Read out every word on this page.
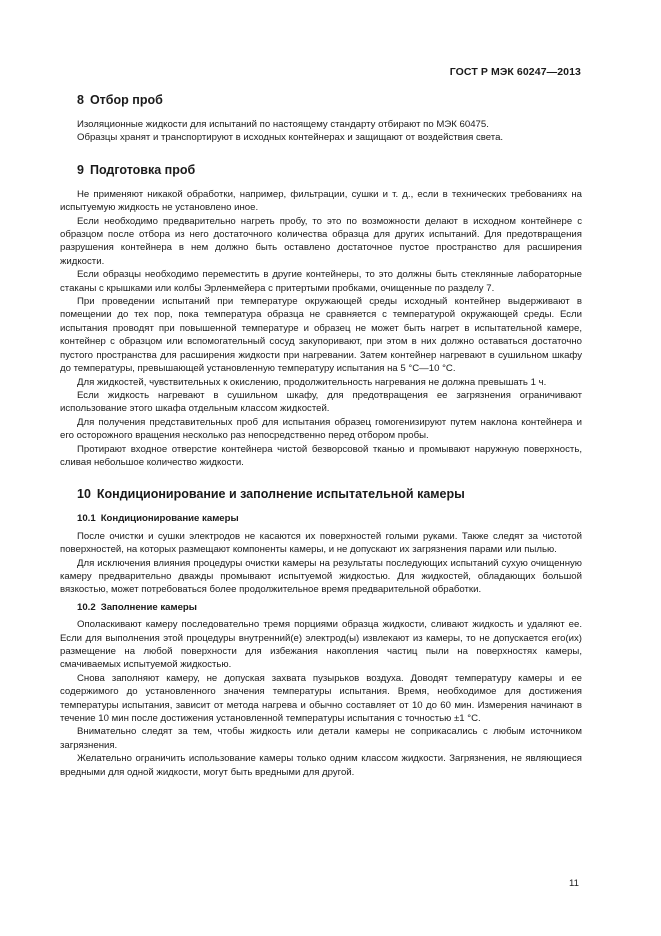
ГОСТ Р МЭК 60247—2013
8 Отбор проб

Изоляционные жидкости для испытаний по настоящему стандарту отбирают по МЭК 60475.

Образцы хранят и транспортируют в исходных контейнерах и защищают от воздействия света.

9 Подготовка проб

Не применяют никакой обработки, например, фильтрации, сушки и т. д., если в технических требованиях на испытуемую жидкость не установлено иное.

Если необходимо предварительно нагреть пробу, то это по возможности делают в исходном контейнере с образцом после отбора из него достаточного количества образца для других испытаний. Для предотвращения разрушения контейнера в нем должно быть оставлено достаточное пустое пространство для расширения жидкости.

Если образцы необходимо переместить в другие контейнеры, то это должны быть стеклянные лабораторные стаканы с крышками или колбы Эрленмейера с притертыми пробками, очищенные по разделу 7.

При проведении испытаний при температуре окружающей среды исходный контейнер выдерживают в помещении до тех пор, пока температура образца не сравняется с температурой окружающей среды. Если испытания проводят при повышенной температуре и образец не может быть нагрет в испытательной камере, контейнер с образцом или вспомогательный сосуд закупоривают, при этом в них должно оставаться достаточно пустого пространства для расширения жидкости при нагревании. Затем контейнер нагревают в сушильном шкафу до температуры, превышающей установленную температуру испытания на 5 °С—10 °С.

Для жидкостей, чувствительных к окислению, продолжительность нагревания не должна превышать 1 ч.

Если жидкость нагревают в сушильном шкафу, для предотвращения ее загрязнения ограничивают использование этого шкафа отдельным классом жидкостей.

Для получения представительных проб для испытания образец гомогенизируют путем наклона контейнера и его осторожного вращения несколько раз непосредственно перед отбором пробы.

Протирают входное отверстие контейнера чистой безворсовой тканью и промывают наружную поверхность, сливая небольшое количество жидкости.

10 Кондиционирование и заполнение испытательной камеры
10.1 Кондиционирование камеры

После очистки и сушки электродов не касаются их поверхностей голыми руками. Также следят за чистотой поверхностей, на которых размещают компоненты камеры, и не допускают их загрязнения парами или пылью.

Для исключения влияния процедуры очистки камеры на результаты последующих испытаний сухую очищенную камеру предварительно дважды промывают испытуемой жидкостью. Для жидкостей, обладающих большой вязкостью, может потребоваться более продолжительное время предварительной обработки.

10.2 Заполнение камеры

Ополаскивают камеру последовательно тремя порциями образца жидкости, сливают жидкость и удаляют ее. Если для выполнения этой процедуры внутренний(е) электрод(ы) извлекают из камеры, то не допускается его(их) размещение на любой поверхности для избежания накопления частиц пыли на поверхностях камеры, смачиваемых испытуемой жидкостью.

Снова заполняют камеру, не допуская захвата пузырьков воздуха. Доводят температуру камеры и ее содержимого до установленного значения температуры испытания. Время, необходимое для достижения температуры испытания, зависит от метода нагрева и обычно составляет от 10 до 60 мин. Измерения начинают в течение 10 мин после достижения установленной температуры испытания с точностью ±1 °С.

Внимательно следят за тем, чтобы жидкость или детали камеры не соприкасались с любым источником загрязнения.

Желательно ограничить использование камеры только одним классом жидкости. Загрязнения, не являющиеся вредными для одной жидкости, могут быть вредными для другой.

11
